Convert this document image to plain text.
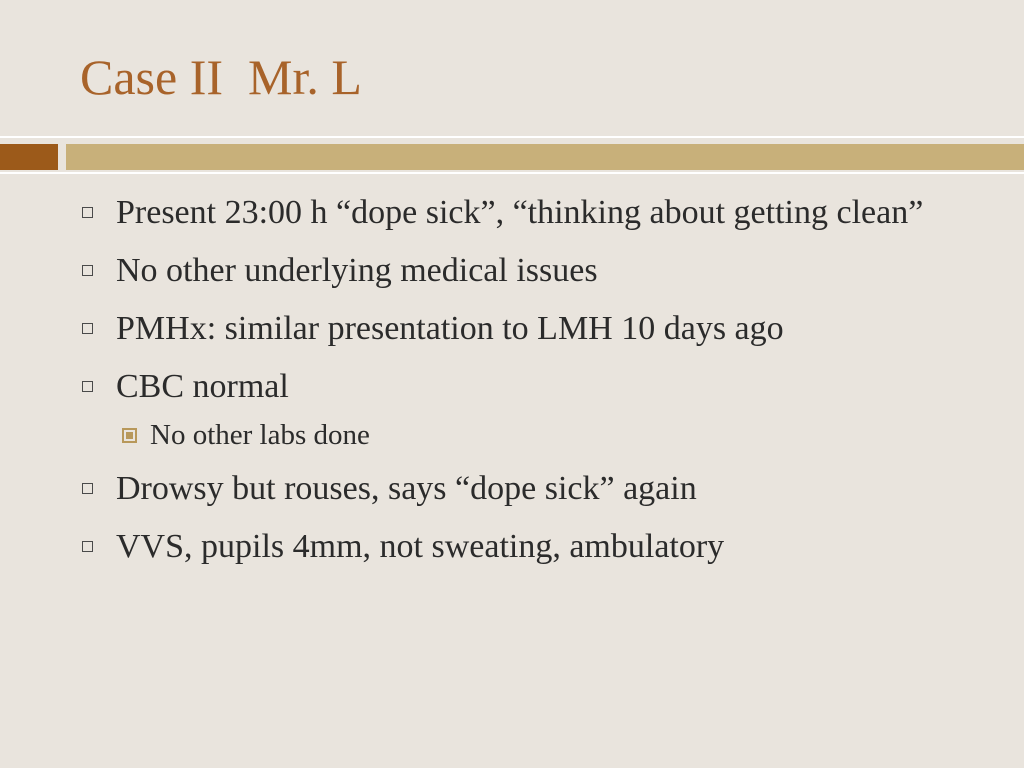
Case II  Mr. L
Present 23:00 h “dope sick”, “thinking about getting clean”
No other underlying medical issues
PMHx: similar presentation to LMH 10 days ago
CBC normal
No other labs done
Drowsy but rouses, says “dope sick” again
VVS, pupils 4mm, not sweating, ambulatory
